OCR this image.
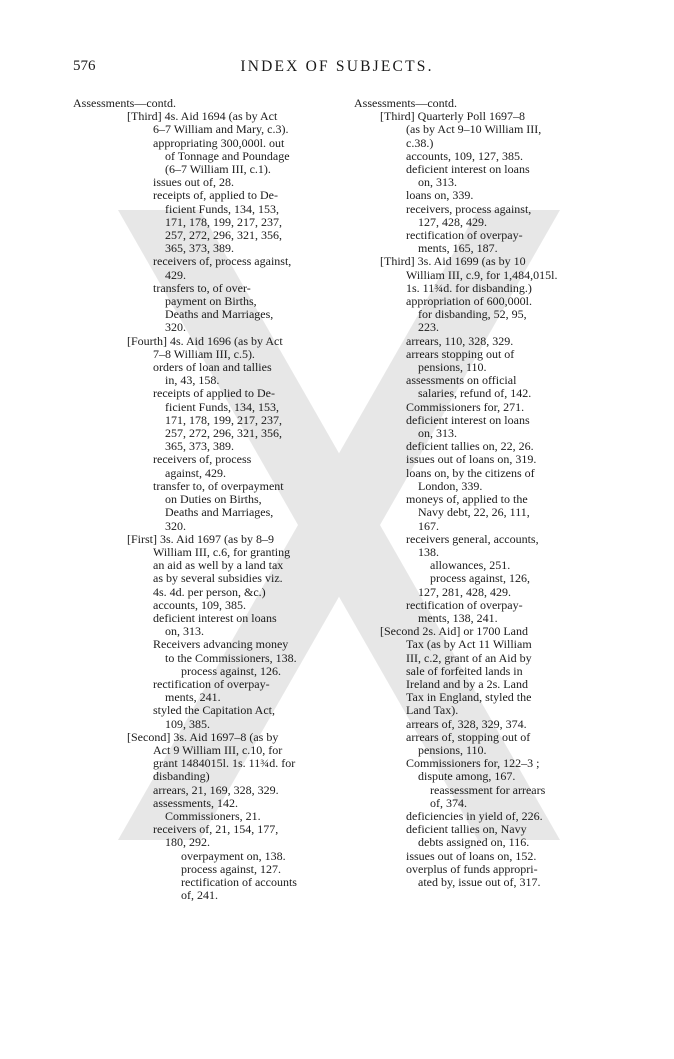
576	INDEX OF SUBJECTS.
Assessments—contd.
[Third] 4s. Aid 1694 (as by Act
6–7 William and Mary, c.3).
appropriating 300,000l. out
of Tonnage and Poundage
(6–7 William III, c.1).
issues out of, 28.
receipts of, applied to De-
ficient Funds, 134, 153,
171, 178, 199, 217, 237,
257, 272, 296, 321, 356,
365, 373, 389.
receivers of, process against,
429.
transfers to, of over-
payment on Births,
Deaths and Marriages,
320.
[Fourth] 4s. Aid 1696 (as by Act
7–8 William III, c.5).
orders of loan and tallies
in, 43, 158.
receipts of applied to De-
ficient Funds, 134, 153,
171, 178, 199, 217, 237,
257, 272, 296, 321, 356,
365, 373, 389.
receivers of, process
against, 429.
transfer to, of overpayment
on Duties on Births,
Deaths and Marriages,
320.
[First] 3s. Aid 1697 (as by 8–9
William III, c.6, for granting
an aid as well by a land tax
as by several subsidies viz.
4s. 4d. per person, &c.)
accounts, 109, 385.
deficient interest on loans
on, 313.
Receivers advancing money
to the Commissioners, 138.
process against, 126.
rectification of overpay-
ments, 241.
styled the Capitation Act,
109, 385.
[Second] 3s. Aid 1697–8 (as by
Act 9 William III, c.10, for
grant 1484015l. 1s. 11¾d. for
disbanding)
arrears, 21, 169, 328, 329.
assessments, 142.
Commissioners, 21.
receivers of, 21, 154, 177,
180, 292.
overpayment on, 138.
process against, 127.
rectification of accounts
of, 241.
Assessments—contd.
[Third] Quarterly Poll 1697–8
(as by Act 9–10 William III,
c.38.)
accounts, 109, 127, 385.
deficient interest on loans
on, 313.
loans on, 339.
receivers, process against,
127, 428, 429.
rectification of overpay-
ments, 165, 187.
[Third] 3s. Aid 1699 (as by 10
William III, c.9, for 1,484,015l.
1s. 11¾d. for disbanding.)
appropriation of 600,000l.
for disbanding, 52, 95,
223.
arrears, 110, 328, 329.
arrears stopping out of
pensions, 110.
assessments on official
salaries, refund of, 142.
Commissioners for, 271.
deficient interest on loans
on, 313.
deficient tallies on, 22, 26.
issues out of loans on, 319.
loans on, by the citizens of
London, 339.
moneys of, applied to the
Navy debt, 22, 26, 111,
167.
receivers general, accounts,
138.
allowances, 251.
process against, 126,
127, 281, 428, 429.
rectification of overpay-
ments, 138, 241.
[Second 2s. Aid] or 1700 Land
Tax (as by Act 11 William
III, c.2, grant of an Aid by
sale of forfeited lands in
Ireland and by a 2s. Land
Tax in England, styled the
Land Tax).
arrears of, 328, 329, 374.
arrears of, stopping out of
pensions, 110.
Commissioners for, 122–3 ;
dispute among, 167.
reassessment for arrears
of, 374.
deficiencies in yield of, 226.
deficient tallies on, Navy
debts assigned on, 116.
issues out of loans on, 152.
overplus of funds appropri-
ated by, issue out of, 317.
